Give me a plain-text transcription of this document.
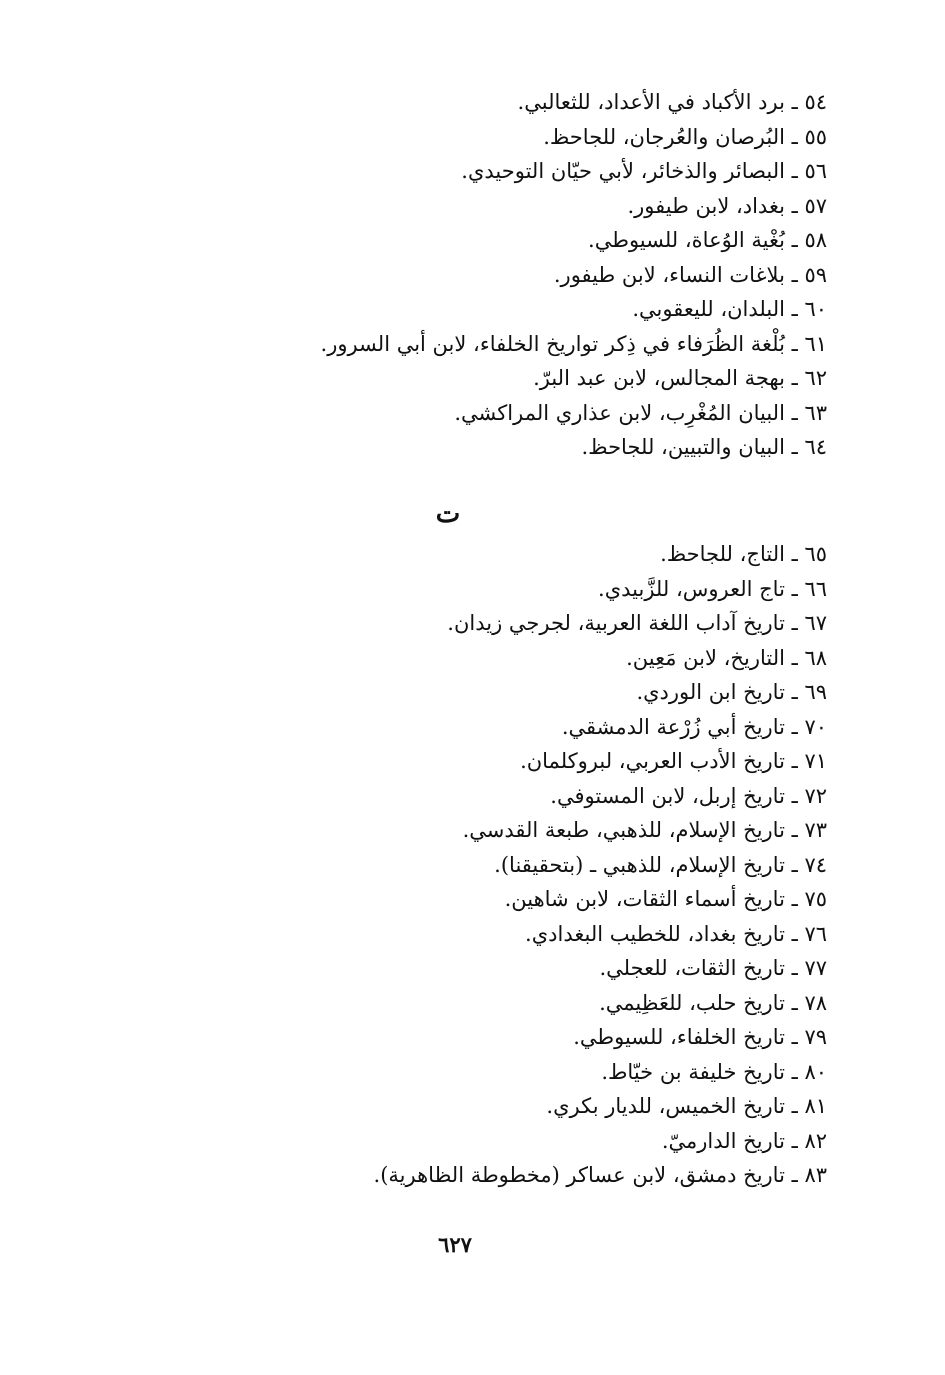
٥٤ ـ برد الأكباد في الأعداد، للثعالبي.
٥٥ ـ البُرصان والعُرجان، للجاحظ.
٥٦ ـ البصائر والذخائر، لأبي حيّان التوحيدي.
٥٧ ـ بغداد، لابن طيفور.
٥٨ ـ بُغْية الوُعاة، للسيوطي.
٥٩ ـ بلاغات النساء، لابن طيفور.
٦٠ ـ البلدان، لليعقوبي.
٦١ ـ بُلْغة الظُرَفاء في ذِكر تواريخ الخلفاء، لابن أبي السرور.
٦٢ ـ بهجة المجالس، لابن عبد البرّ.
٦٣ ـ البيان المُغْرِب، لابن عذاري المراكشي.
٦٤ ـ البيان والتبيين، للجاحظ.
ت
٦٥ ـ التاج، للجاحظ.
٦٦ ـ تاج العروس، للزَّبيدي.
٦٧ ـ تاريخ آداب اللغة العربية، لجرجي زيدان.
٦٨ ـ التاريخ، لابن مَعِين.
٦٩ ـ تاريخ ابن الوردي.
٧٠ ـ تاريخ أبي زُرْعة الدمشقي.
٧١ ـ تاريخ الأدب العربي، لبروكلمان.
٧٢ ـ تاريخ إربل، لابن المستوفي.
٧٣ ـ تاريخ الإسلام، للذهبي، طبعة القدسي.
٧٤ ـ تاريخ الإسلام، للذهبي ـ (بتحقيقنا).
٧٥ ـ تاريخ أسماء الثقات، لابن شاهين.
٧٦ ـ تاريخ بغداد، للخطيب البغدادي.
٧٧ ـ تاريخ الثقات، للعجلي.
٧٨ ـ تاريخ حلب، للعَظِيمي.
٧٩ ـ تاريخ الخلفاء، للسيوطي.
٨٠ ـ تاريخ خليفة بن خيّاط.
٨١ ـ تاريخ الخميس، للديار بكري.
٨٢ ـ تاريخ الدارميّ.
٨٣ ـ تاريخ دمشق، لابن عساكر (مخطوطة الظاهرية).
٦٢٧
